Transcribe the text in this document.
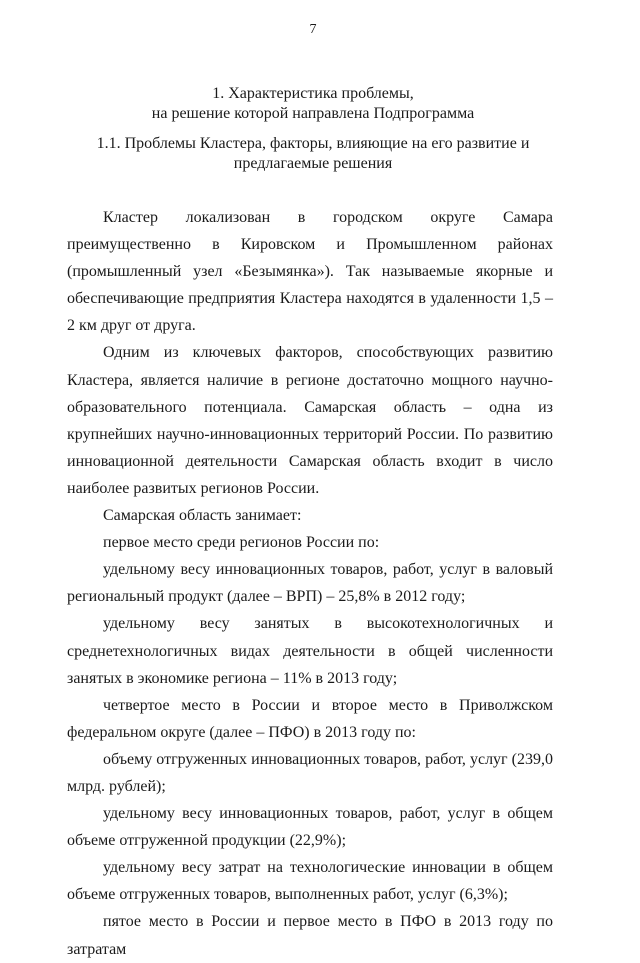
7
1. Характеристика проблемы,
на решение которой направлена Подпрограмма
1.1. Проблемы Кластера, факторы, влияющие на его развитие и
предлагаемые решения

Кластер локализован в городском округе Самара преимущественно в Кировском и Промышленном районах (промышленный узел «Безымянка»). Так называемые якорные и обеспечивающие предприятия Кластера находятся в удаленности 1,5 – 2 км друг от друга.

Одним из ключевых факторов, способствующих развитию Кластера, является наличие в регионе достаточно мощного научно-образовательного потенциала. Самарская область – одна из крупнейших научно-инновационных территорий России. По развитию инновационной деятельности Самарская область входит в число наиболее развитых регионов России.

Самарская область занимает:

первое место среди регионов России по:

удельному весу инновационных товаров, работ, услуг в валовый региональный продукт (далее – ВРП) – 25,8% в 2012 году;

удельному весу занятых в высокотехнологичных и среднетехнологичных видах деятельности в общей численности занятых в экономике региона – 11% в 2013 году;

четвертое место в России и второе место в Приволжском федеральном округе (далее – ПФО) в 2013 году по:

объему отгруженных инновационных товаров, работ, услуг (239,0 млрд. рублей);

удельному весу инновационных товаров, работ, услуг в общем объеме отгруженной продукции (22,9%);

удельному весу затрат на технологические инновации в общем объеме отгруженных товаров, выполненных работ, услуг (6,3%);

пятое место в России и первое место в ПФО в 2013 году по затратам
